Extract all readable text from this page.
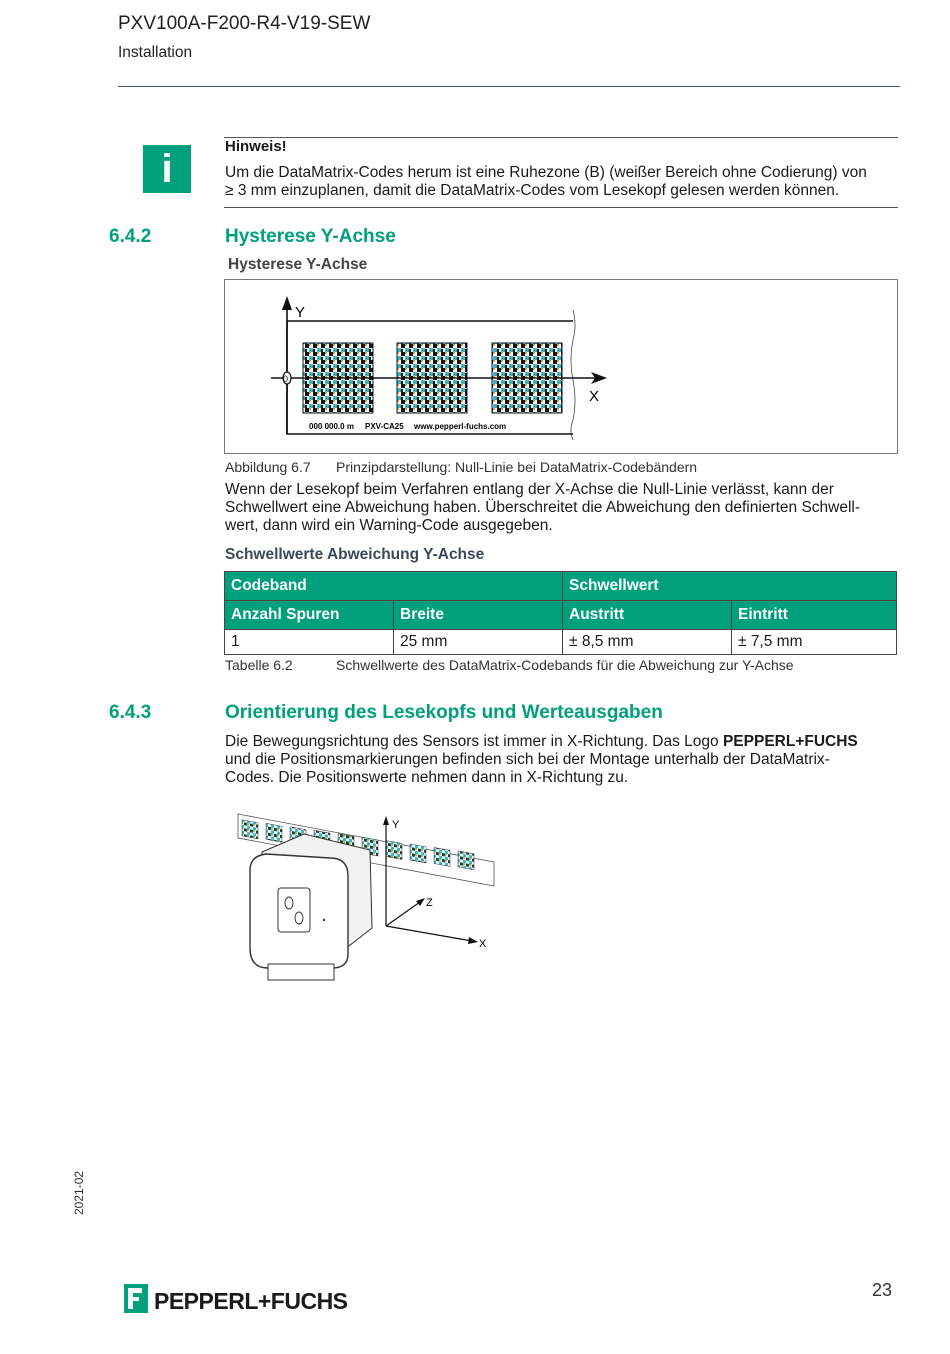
PXV100A-F200-R4-V19-SEW
Installation
i
Hinweis!
Um die DataMatrix-Codes herum ist eine Ruhezone (B) (weißer Bereich ohne Codierung) von
≥ 3 mm einzuplanen, damit die DataMatrix-Codes vom Lesekopf gelesen werden können.
6.4.2	Hysterese Y-Achse
Hysterese Y-Achse
Y
X
0
000 000.0 m PXV-CA25 www.pepperl-fuchs.com
Abbildung 6.7 Prinzipdarstellung: Null-Linie bei DataMatrix-Codebändern
Wenn der Lesekopf beim Verfahren entlang der X-Achse die Null-Linie verlässt, kann der
Schwellwert eine Abweichung haben. Überschreitet die Abweichung den definierten Schwell-
wert, dann wird ein Warning-Code ausgegeben.
Schwellwerte Abweichung Y-Achse
Codeband		Schwellwert	
Anzahl Spuren	Breite	Austritt	Eintritt
1	25 mm	± 8,5 mm	± 7,5 mm
Tabelle 6.2	Schwellwerte des DataMatrix-Codebands für die Abweichung zur Y-Achse
6.4.3	Orientierung des Lesekopfs und Werteausgaben
Die Bewegungsrichtung des Sensors ist immer in X-Richtung. Das Logo PEPPERL+FUCHS
und die Positionsmarkierungen befinden sich bei der Montage unterhalb der DataMatrix-
Codes. Die Positionswerte nehmen dann in X-Richtung zu.
Y
Z
X
2021-02
23
PEPPERL+FUCHS
